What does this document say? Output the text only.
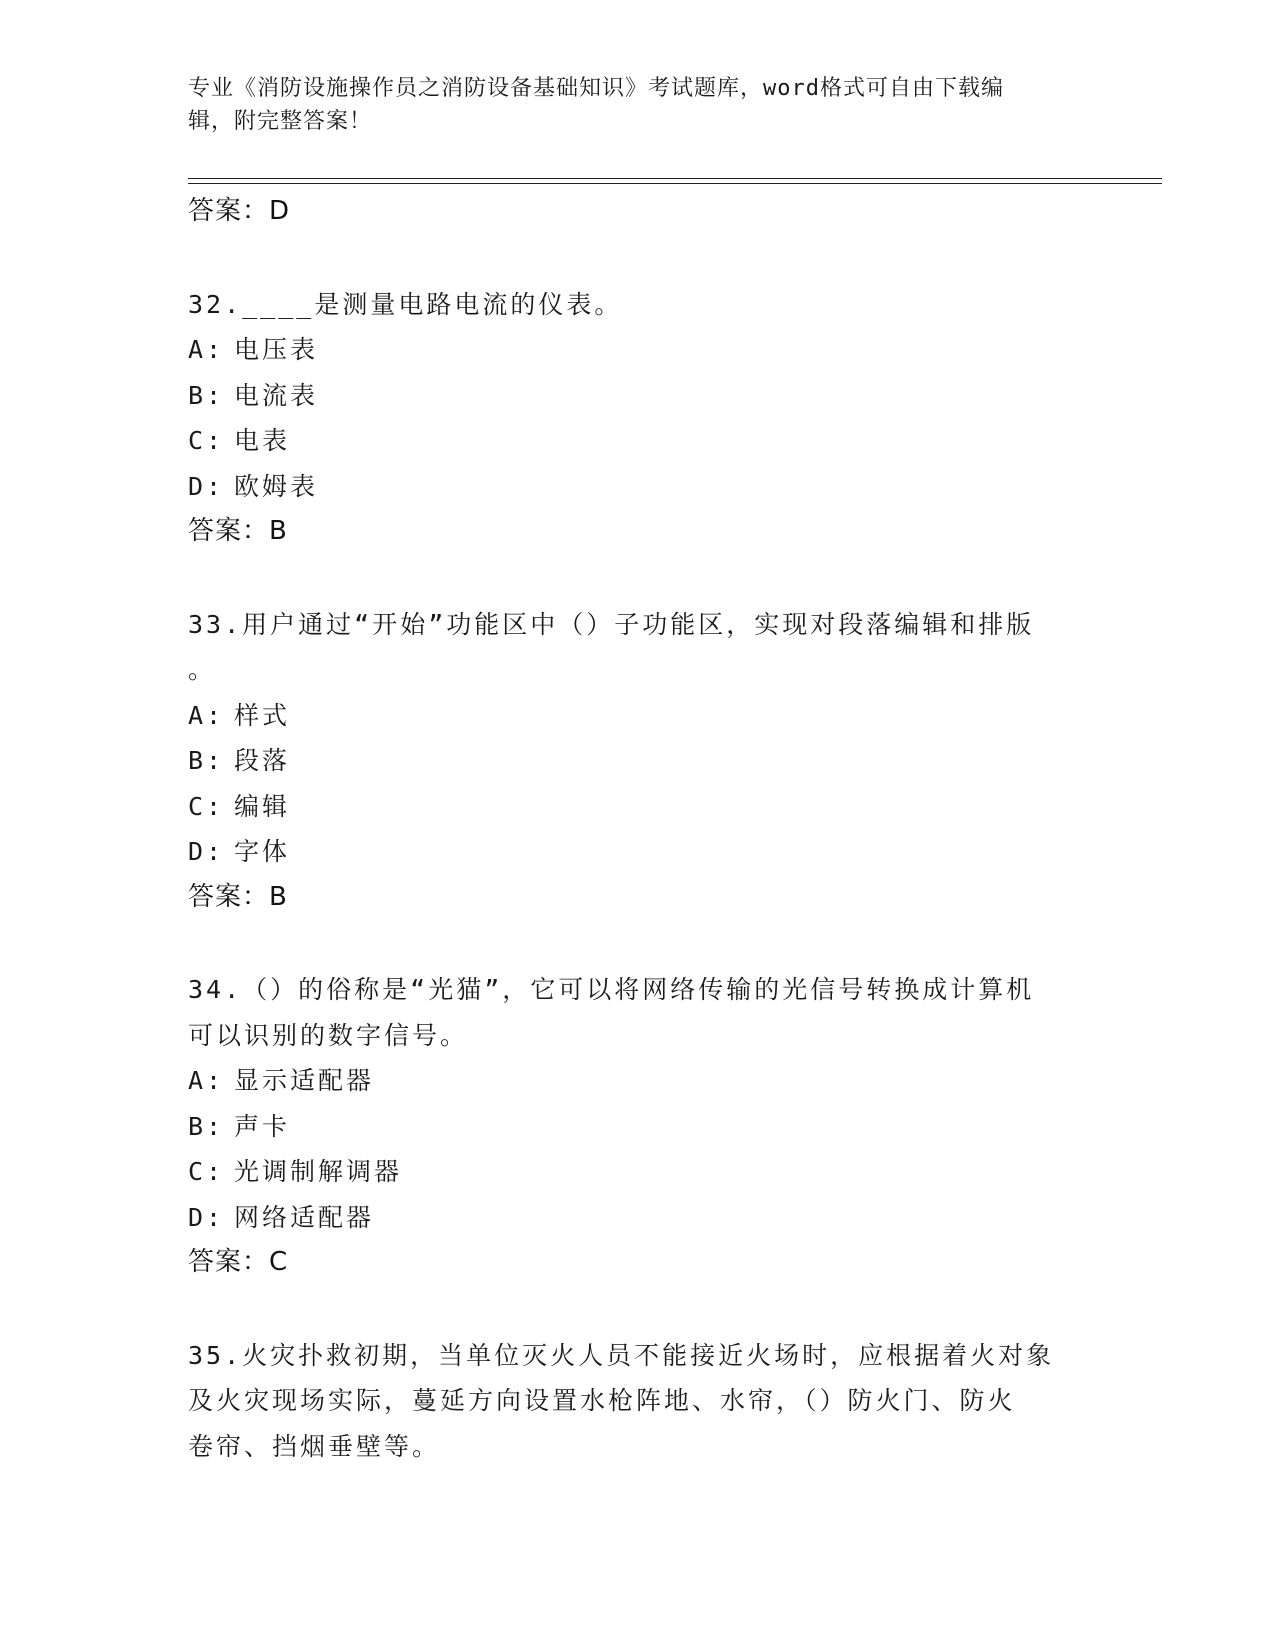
专业《消防设施操作员之消防设备基础知识》考试题库，word格式可自由下载编
辑，附完整答案！
答案：D
32.____是测量电路电流的仪表。
A: 电压表
B: 电流表
C: 电表
D: 欧姆表
答案：B
33.用户通过“开始”功能区中（）子功能区，实现对段落编辑和排版
。
A: 样式
B: 段落
C: 编辑
D: 字体
答案：B
34.（）的俗称是“光猫”，它可以将网络传输的光信号转换成计算机
可以识别的数字信号。
A: 显示适配器
B: 声卡
C: 光调制解调器
D: 网络适配器
答案：C
35.火灾扑救初期，当单位灭火人员不能接近火场时，应根据着火对象
及火灾现场实际，蔓延方向设置水枪阵地、水帘，（）防火门、防火
卷帘、挡烟垂壁等。
